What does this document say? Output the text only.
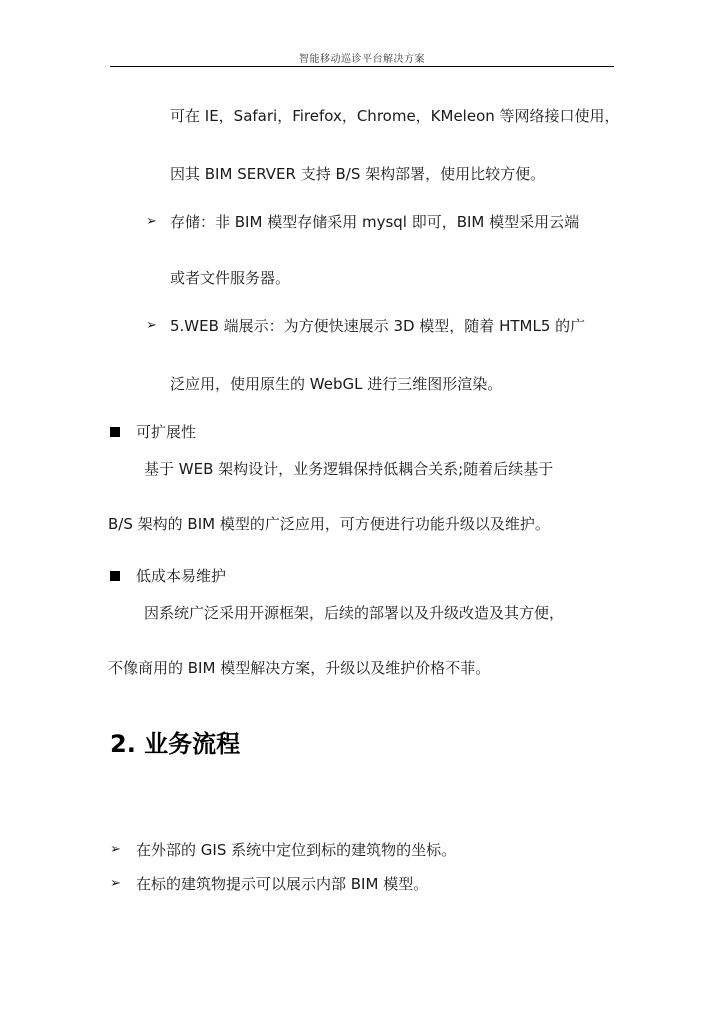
智能移动巡诊平台解决方案
可在 IE，Safari，Firefox，Chrome，KMeleon 等网络接口使用，
因其 BIM SERVER 支持 B/S 架构部署，使用比较方便。
➢ 存储：非 BIM 模型存储采用 mysql 即可，BIM 模型采用云端
或者文件服务器。
➢ 5.WEB 端展示：为方便快速展示 3D 模型，随着 HTML5 的广
泛应用，使用原生的 WebGL 进行三维图形渲染。
可扩展性
基于 WEB 架构设计，业务逻辑保持低耦合关系;随着后续基于
B/S 架构的 BIM 模型的广泛应用，可方便进行功能升级以及维护。
低成本易维护
因系统广泛采用开源框架，后续的部署以及升级改造及其方便，
不像商用的 BIM 模型解决方案，升级以及维护价格不菲。
2. 业务流程
➢ 在外部的 GIS 系统中定位到标的建筑物的坐标。
➢ 在标的建筑物提示可以展示内部 BIM 模型。
